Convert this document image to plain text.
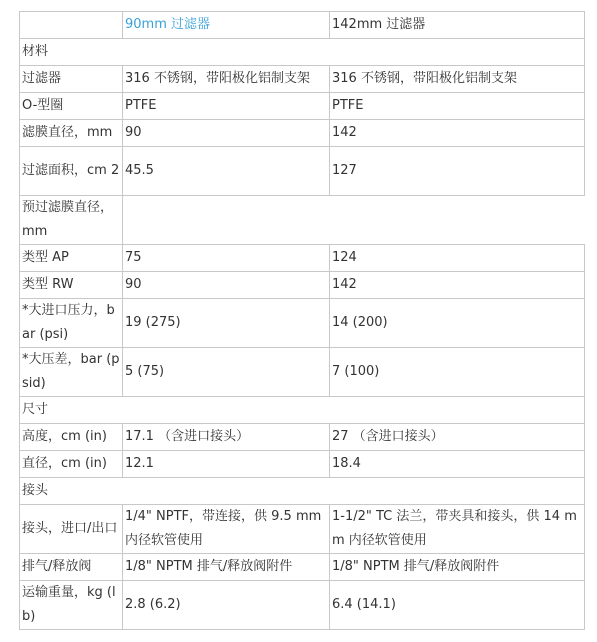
	90mm 过滤器	142mm 过滤器
材料		
过滤器	316 不锈钢，带阳极化铝制支架	316 不锈钢，带阳极化铝制支架
O-型圈	PTFE	PTFE
滤膜直径，mm	90	142
过滤面积，cm 2	45.5	127
预过滤膜直径，mm		
类型 AP	75	124
类型 RW	90	142
*大进口压力，bar (psi)	19 (275)	14 (200)
*大压差，bar (psid)	5 (75)	7 (100)
尺寸		
高度，cm (in)	17.1 （含进口接头）	27 （含进口接头）
直径，cm (in)	12.1	18.4
接头		
接头，进口/出口	1/4" NPTF，带连接，供 9.5 mm 内径软管使用	1-1/2" TC 法兰，带夹具和接头，供 14 mm 内径软管使用
排气/释放阀	1/8" NPTM 排气/释放阀附件	1/8" NPTM 排气/释放阀附件
运输重量，kg (lb)	2.8 (6.2)	6.4 (14.1)
